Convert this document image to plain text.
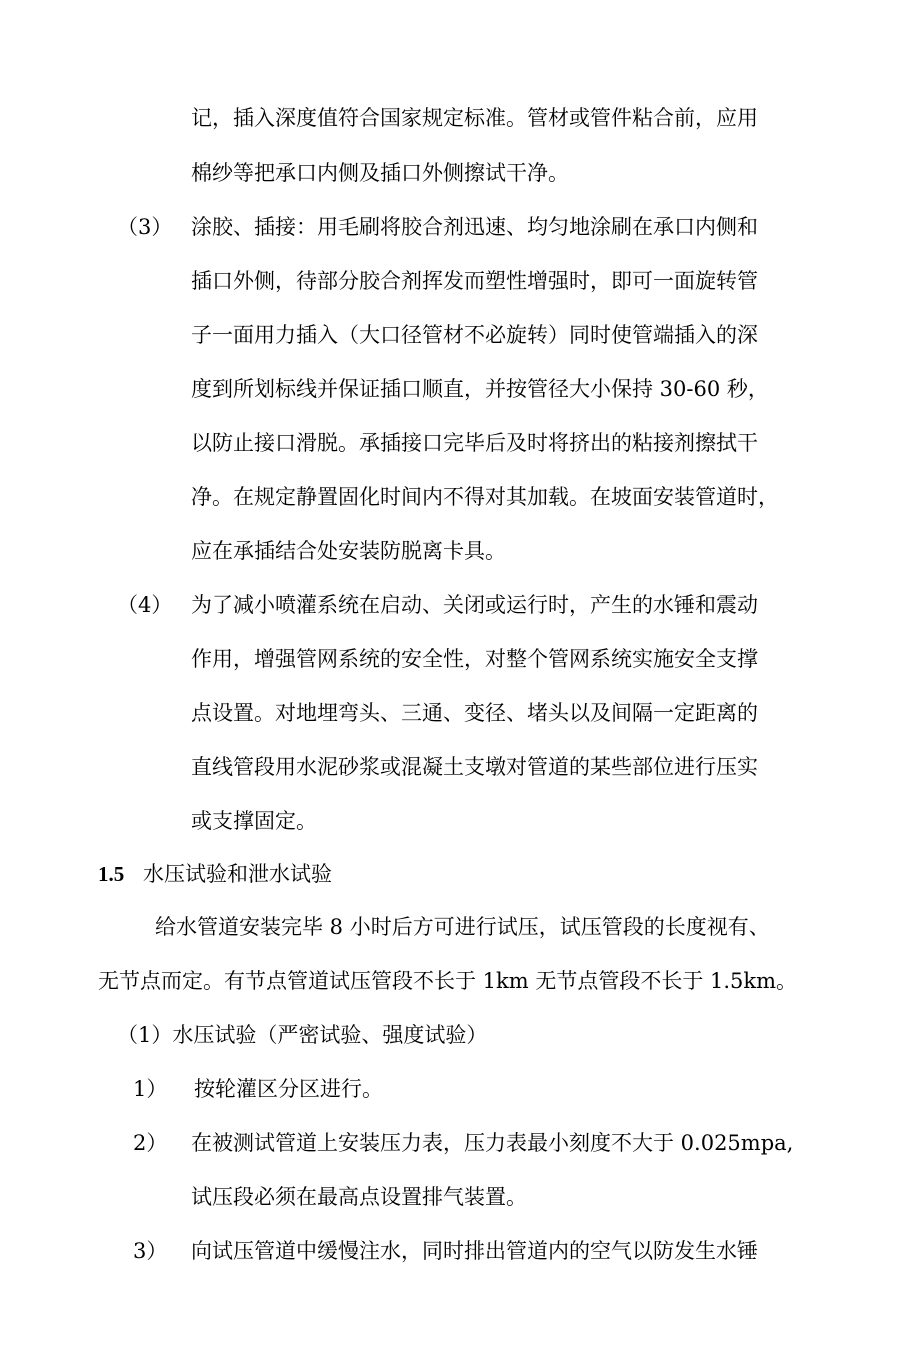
记，插入深度值符合国家规定标准。管材或管件粘合前，应用
棉纱等把承口内侧及插口外侧擦试干净。
（3） 涂胶、插接：用毛刷将胶合剂迅速、均匀地涂刷在承口内侧和
插口外侧，待部分胶合剂挥发而塑性增强时，即可一面旋转管
子一面用力插入（大口径管材不必旋转）同时使管端插入的深
度到所划标线并保证插口顺直，并按管径大小保持 30-60 秒，
以防止接口滑脱。承插接口完毕后及时将挤出的粘接剂擦拭干
净。在规定静置固化时间内不得对其加载。在坡面安装管道时，
应在承插结合处安装防脱离卡具。
（4） 为了减小喷灌系统在启动、关闭或运行时，产生的水锤和震动
作用，增强管网系统的安全性，对整个管网系统实施安全支撑
点设置。对地埋弯头、三通、变径、堵头以及间隔一定距离的
直线管段用水泥砂浆或混凝土支墩对管道的某些部位进行压实
或支撑固定。
1.5 水压试验和泄水试验
给水管道安装完毕 8 小时后方可进行试压，试压管段的长度视有、
无节点而定。有节点管道试压管段不长于 1km 无节点管段不长于 1.5km。
（1）水压试验（严密试验、强度试验）
1） 按轮灌区分区进行。
2） 在被测试管道上安装压力表，压力表最小刻度不大于 0.025mpa,
试压段必须在最高点设置排气装置。
3） 向试压管道中缓慢注水，同时排出管道内的空气以防发生水锤
